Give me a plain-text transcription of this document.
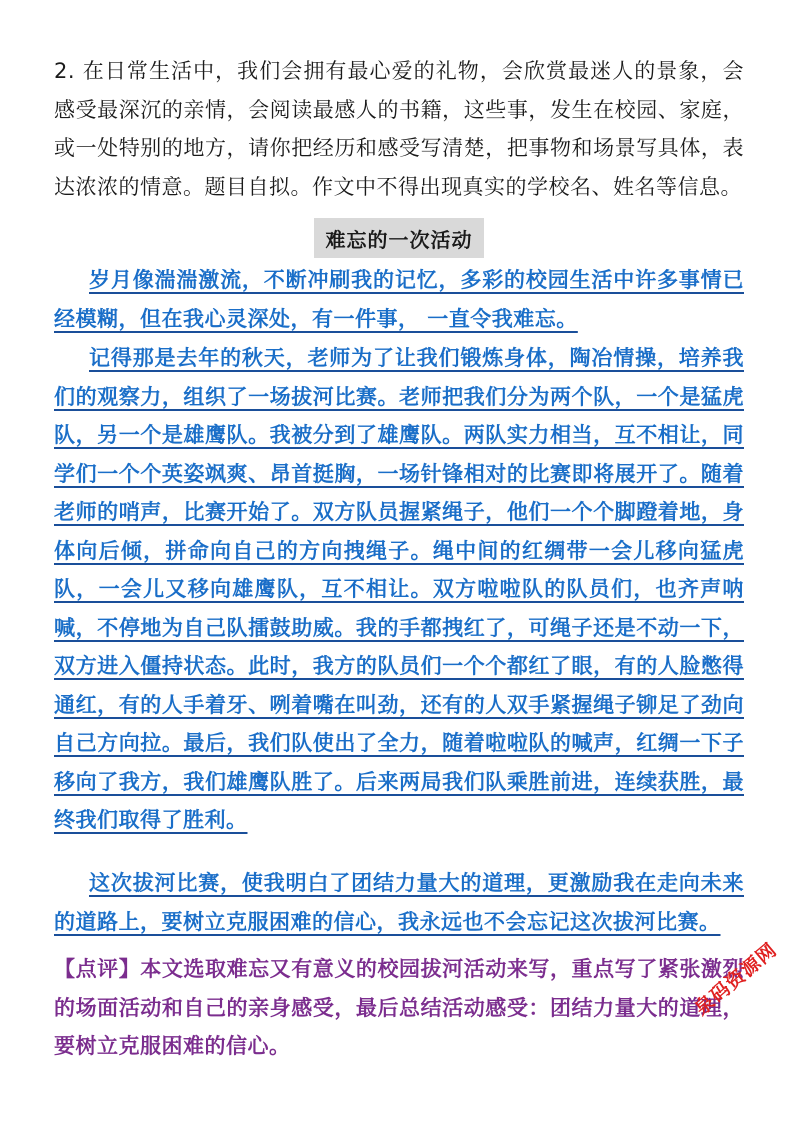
2. 在日常生活中，我们会拥有最心爱的礼物，会欣赏最迷人的景象，会感受最深沉的亲情，会阅读最感人的书籍，这些事，发生在校园、家庭，或一处特别的地方，请你把经历和感受写清楚，把事物和场景写具体，表达浓浓的情意。题目自拟。作文中不得出现真实的学校名、姓名等信息。

难忘的一次活动

岁月像湍湍激流，不断冲刷我的记忆，多彩的校园生活中许多事情已经模糊，但在我心灵深处，有一件事， 一直令我难忘。

记得那是去年的秋天，老师为了让我们锻炼身体，陶冶情操，培养我们的观察力，组织了一场拔河比赛。老师把我们分为两个队，一个是猛虎队，另一个是雄鹰队。我被分到了雄鹰队。两队实力相当，互不相让，同学们一个个英姿飒爽、昂首挺胸，一场针锋相对的比赛即将展开了。随着老师的哨声，比赛开始了。双方队员握紧绳子，他们一个个脚蹬着地，身体向后倾，拼命向自己的方向拽绳子。绳中间的红绸带一会儿移向猛虎队，一会儿又移向雄鹰队，互不相让。双方啦啦队的队员们，也齐声呐喊，不停地为自己队擂鼓助威。我的手都拽红了，可绳子还是不动一下，双方进入僵持状态。此时，我方的队员们一个个都红了眼，有的人脸憋得通红，有的人手着牙、咧着嘴在叫劲，还有的人双手紧握绳子铆足了劲向自己方向拉。最后，我们队使出了全力，随着啦啦队的喊声，红绸一下子移向了我方，我们雄鹰队胜了。后来两局我们队乘胜前进，连续获胜，最终我们取得了胜利。

这次拔河比赛，使我明白了团结力量大的道理，更激励我在走向未来的道路上，要树立克服困难的信心，我永远也不会忘记这次拔河比赛。

【点评】本文选取难忘又有意义的校园拔河活动来写，重点写了紧张激烈的场面活动和自己的亲身感受，最后总结活动感受：团结力量大的道理，要树立克服困难的信心。

泉码资源网
